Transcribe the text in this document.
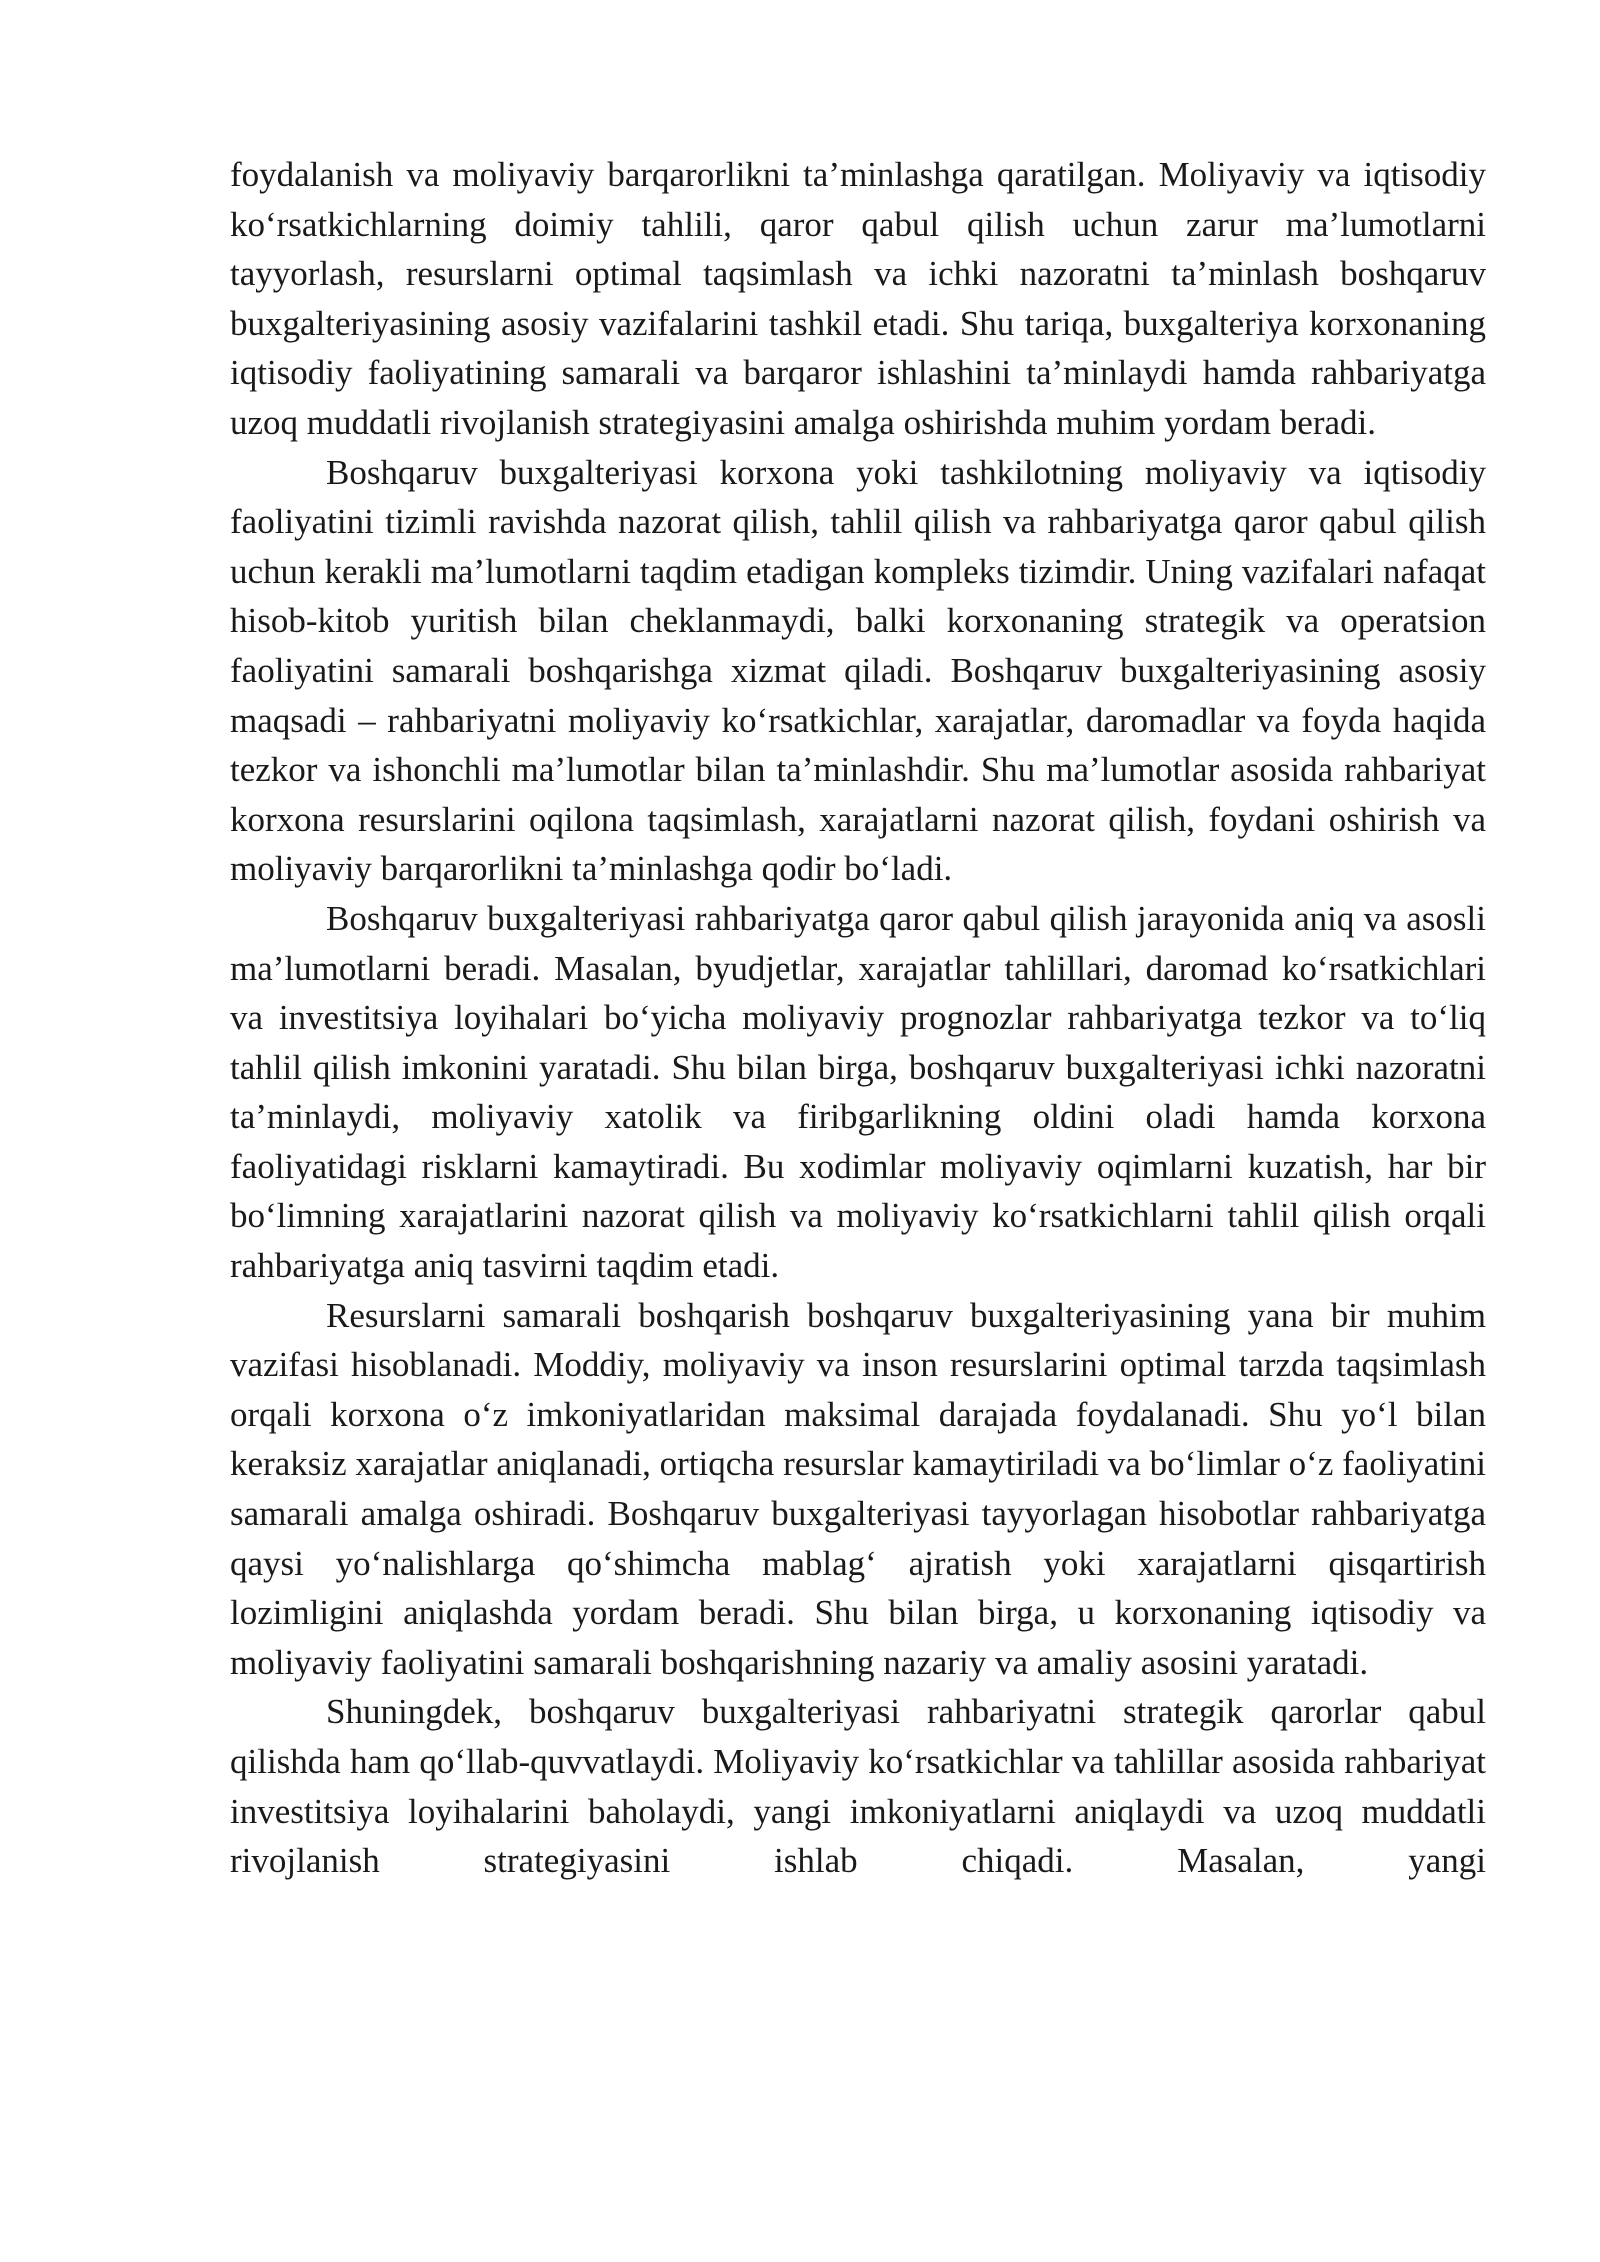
foydalanish va moliyaviy barqarorlikni ta’minlashga qaratilgan. Moliyaviy va iqtisodiy ko‘rsatkichlarning doimiy tahlili, qaror qabul qilish uchun zarur ma’lumotlarni tayyorlash, resurslarni optimal taqsimlash va ichki nazoratni ta’minlash boshqaruv buxgalteriyasining asosiy vazifalarini tashkil etadi. Shu tariqa, buxgalteriya korxonaning iqtisodiy faoliyatining samarali va barqaror ishlashini ta’minlaydi hamda rahbariyatga uzoq muddatli rivojlanish strategiyasini amalga oshirishda muhim yordam beradi.

Boshqaruv buxgalteriyasi korxona yoki tashkilotning moliyaviy va iqtisodiy faoliyatini tizimli ravishda nazorat qilish, tahlil qilish va rahbariyatga qaror qabul qilish uchun kerakli ma’lumotlarni taqdim etadigan kompleks tizimdir. Uning vazifalari nafaqat hisob-kitob yuritish bilan cheklanmaydi, balki korxonaning strategik va operatsion faoliyatini samarali boshqarishga xizmat qiladi. Boshqaruv buxgalteriyasining asosiy maqsadi – rahbariyatni moliyaviy ko‘rsatkichlar, xarajatlar, daromadlar va foyda haqida tezkor va ishonchli ma’lumotlar bilan ta’minlashdir. Shu ma’lumotlar asosida rahbariyat korxona resurslarini oqilona taqsimlash, xarajatlarni nazorat qilish, foydani oshirish va moliyaviy barqarorlikni ta’minlashga qodir bo‘ladi.

Boshqaruv buxgalteriyasi rahbariyatga qaror qabul qilish jarayonida aniq va asosli ma’lumotlarni beradi. Masalan, byudjetlar, xarajatlar tahlillari, daromad ko‘rsatkichlari va investitsiya loyihalari bo‘yicha moliyaviy prognozlar rahbariyatga tezkor va to‘liq tahlil qilish imkonini yaratadi. Shu bilan birga, boshqaruv buxgalteriyasi ichki nazoratni ta’minlaydi, moliyaviy xatolik va firibgarlikning oldini oladi hamda korxona faoliyatidagi risklarni kamaytiradi. Bu xodimlar moliyaviy oqimlarni kuzatish, har bir bo‘limning xarajatlarini nazorat qilish va moliyaviy ko‘rsatkichlarni tahlil qilish orqali rahbariyatga aniq tasvirni taqdim etadi.

Resurslarni samarali boshqarish boshqaruv buxgalteriyasining yana bir muhim vazifasi hisoblanadi. Moddiy, moliyaviy va inson resurslarini optimal tarzda taqsimlash orqali korxona o‘z imkoniyatlaridan maksimal darajada foydalanadi. Shu yo‘l bilan keraksiz xarajatlar aniqlanadi, ortiqcha resurslar kamaytiriladi va bo‘limlar o‘z faoliyatini samarali amalga oshiradi. Boshqaruv buxgalteriyasi tayyorlagan hisobotlar rahbariyatga qaysi yo‘nalishlarga qo‘shimcha mablag‘ ajratish yoki xarajatlarni qisqartirish lozimligini aniqlashda yordam beradi. Shu bilan birga, u korxonaning iqtisodiy va moliyaviy faoliyatini samarali boshqarishning nazariy va amaliy asosini yaratadi.

Shuningdek, boshqaruv buxgalteriyasi rahbariyatni strategik qarorlar qabul qilishda ham qo‘llab-quvvatlaydi. Moliyaviy ko‘rsatkichlar va tahlillar asosida rahbariyat investitsiya loyihalarini baholaydi, yangi imkoniyatlarni aniqlaydi va uzoq muddatli rivojlanish strategiyasini ishlab chiqadi. Masalan, yangi
